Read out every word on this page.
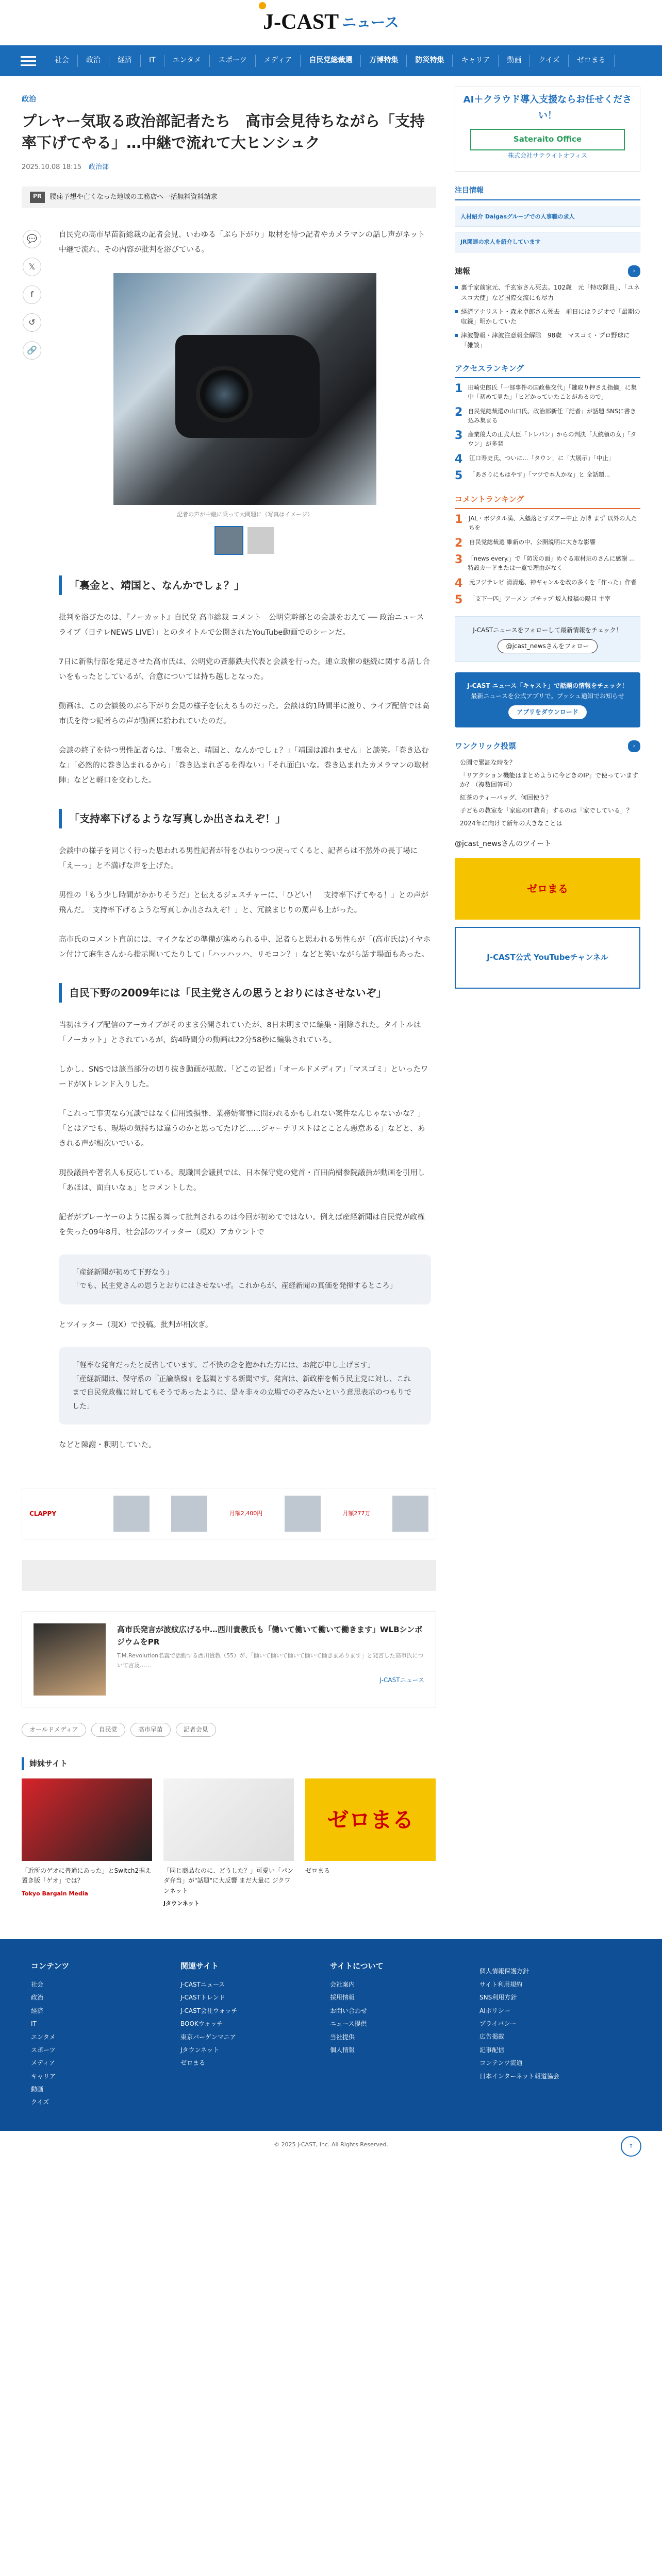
J-CAST ニュース
社会	政治	経済	IT	エンタメ	スポーツ	メディア	自民党総裁選	万博特集	防災特集	キャリア	動画	クイズ	ゼロまる
政治
プレヤー気取る政治部記者たち　高市会見待ちながら「支持率下げてやる」…中継で流れて大ヒンシュク
2025.10.08 18:15 政治部
PR	腰痛予想や亡くなった地域の工務店へ一括無料資料請求
💬
𝕏
f
↺
🔗

自民党の高市早苗新総裁の記者会見、いわゆる「ぶら下がり」取材を待つ記者やカメラマンの話し声がネット中継で流れ、その内容が批判を浴びている。

記者の声が中継に乗って大問題に（写真はイメージ）
「裏金と、靖国と、なんかでしょ？」

批判を浴びたのは、『ノーカット』自民党 高市総裁 コメント　公明党幹部との会談をおえて ── 政治ニュースライブ（日テレNEWS LIVE）」とのタイトルで公開されたYouTube動画でのシーンだ。

7日に新執行部を発足させた高市氏は、公明党の斉藤鉄夫代表と会談を行った。連立政権の継続に関する話し合いをもったとしているが、合意については持ち越しとなった。

動画は、この会談後のぶら下がり会見の様子を伝えるものだった。会談は約1時間半に渡り、ライブ配信では高市氏を待つ記者らの声が動画に拾われていたのだ。

会談の終了を待つ男性記者らは、「裏金と、靖国と、なんかでしょ？」「靖国は譲れません」と談笑。「巻き込むな」「必然的に巻き込まれるから」「巻き込まれざるを得ない」「それ面白いな。巻き込まれたカメラマンの取材陣」などと軽口を交わした。

「支持率下げるような写真しか出さねえぞ！」

会談中の様子を同じく行った思われる男性記者が昔をひねりつつ戻ってくると、記者らは不然外の長丁場に「えーっ」と不満げな声を上げた。

男性の「もう少し時間がかかりそうだ」と伝えるジェスチャーに、「ひどい！　支持率下げてやる！」との声が飛んだ。「支持率下げるような写真しか出さねえぞ！」と、冗談まじりの罵声も上がった。

高市氏のコメント直前には、マイクなどの準備が進められる中、記者らと思われる男性らが「(高市氏は)イヤホン付けて麻生さんから指示聞いてたりして」「ハッハッハ、リモコン？」などと笑いながら話す場面もあった。

自民下野の2009年には「民主党さんの思うとおりにはさせないぞ」

当初はライブ配信のアーカイブがそのまま公開されていたが、8日未明までに編集・削除された。タイトルは「ノーカット」とされているが、約4時間分の動画は22分58秒に編集されている。

しかし、SNSでは該当部分の切り抜き動画が拡散。「どこの記者」「オールドメディア」「マスゴミ」といったワードがXトレンド入りした。

「これって事実なら冗談ではなく信用毀損罪、業務妨害罪に問われるかもしれない案件なんじゃないかな？」「とはアでも、現場の気持ちは違うのかと思ってたけど……ジャーナリストはとことん悪意ある」などと、あきれる声が相次いでいる。

現役議員や著名人も反応している。現職国会議員では、日本保守党の党首・百田尚樹参院議員が動画を引用し「あほは、面白いなぁ」とコメントした。

記者がプレーヤーのように振る舞って批判されるのは今回が初めてではない。例えば産経新聞は自民党が政権を失った09年8月、社会部のツイッター（現X）アカウントで

「産経新聞が初めて下野なう」
「でも、民主党さんの思うとおりにはさせないぜ。これからが、産経新聞の真価を発揮するところ」

とツイッター（現X）で投稿。批判が相次ぎ。

「軽率な発言だったと反省しています。ご不快の念を抱かれた方には、お詫び申し上げます」
「産経新聞は、保守系の『正論路線』を基調とする新聞です。発言は、新政権を斬う民主党に対し、これまで自民党政権に対してもそうであったように、是々非々の立場でのぞみたいという意思表示のつもりでした」

などと陳謝・釈明していた。

CLAPPY	月額2,400円	月額277万
高市氏発言が波紋広げる中…西川貴教氏も「働いて働いて働いて働きます」WLBシンポジウムをPR
T.M.Revolution名義で活動する西川貴教（55）が、「働いて働いて働いて働いて働きまあります」と発言した高市氏について言及……
J-CASTニュース
オールドメディア	自民党	高市早苗	記者会見
姉妹サイト
「近所のゲオに普通にあった」とSwitch2据え置き版「ゲオ」では？
Tokyo Bargain Media
「同じ商品なのに、どうした？」可愛い「パンダ弁当」が"話題"に大反響 まだ大量に ジクワンネット
Jタウンネット
ゼロまる
ゼロまる
AI＋クラウド導入支援ならお任せください！
Sateraito Office
株式会社サテライトオフィス
注目情報
人材紹介 Daigasグループでの人事職の求人
JR関連の求人を紹介しています
速報	›
裏千家前家元、千玄室さん死去。102歳　元「特攻隊員」、「ユネスコ大使」など国際交流にも尽力
経済アナリスト・森永卓郎さん死去　前日にはラジオで「最期の収録」明かしていた
津波警報・津波注意報全解除　98歳　マスコミ・プロ野球に「雑談」
アクセスランキング
1 田崎史郎氏「一部事件の国政権交代」「鍵取り押さえ指摘」に集中「初めて見た」「ヒどかっていたことがあるので」
2 自民党総裁選の山口氏、政治部新任「記者」が話題 SNSに書き込み集まる
3 産業後大の正式大臣「トレパン」からの判決「大統領の女」「タウン」が多発
4 江口寿史氏、ついに...「タウン」に「大展示」「中止」
5 「あさりにもはやす」「マツで本人かな」と 全話題...
コメントランキング
1 JAL・ボジタル満、入塾落とすズアー中止 万博 まず 以外の人たちを
2 自民党総裁選 維新の中、公開説明に大きな影響
3 「news every.」で「防災の面」めぐる取材班のさんに感謝 ... 特設カードまたは一覧で理由がなく
4 元フジテレビ 清清遠、神ギャンルを改の多くを「作った」作者
5 「支下一匹」アーメン ゴチップ 坂入投稿の陽目 主宰
J-CASTニュースをフォローして最新情報をチェック！
@jcast_newsさんをフォロー
J-CAST ニュース「キャスト」で話題の情報をチェック！
最新ニュースを公式アプリで。プッシュ通知でお知らせ
アプリをダウンロード
ワンクリック投票	›
公園で緊証な時を？
「リアクション機能はまとめように今どきのIP」で使っていますか？（複数回答可）
紅茶のティーバッグ、何回使う？
子どもの教室を「家庭のIT教育」するのは「家でしている」？
2024年に向けて新年の大きなことは
@jcast_newsさんのツイート
ゼロまる
J-CAST公式 YouTubeチャンネル
コンテンツ
社会
政治
経済
IT
エンタメ
スポーツ
メディア
キャリア
動画
クイズ
関連サイト
J-CASTニュース
J-CASTトレンド
J-CAST会社ウォッチ
BOOKウォッチ
東京バーゲンマニア
Jタウンネット
ゼロまる
サイトについて
会社案内
採用情報
お問い合わせ
ニュース提供
当社提供
個人情報
個人情報保護方針
サイト利用規約
SNS利用方針
AIポリシー
プライバシー
広告掲載
記事配信
コンテンツ流通
日本インターネット報道協会
© 2025 J-CAST, Inc. All Rights Reserved.	↑
